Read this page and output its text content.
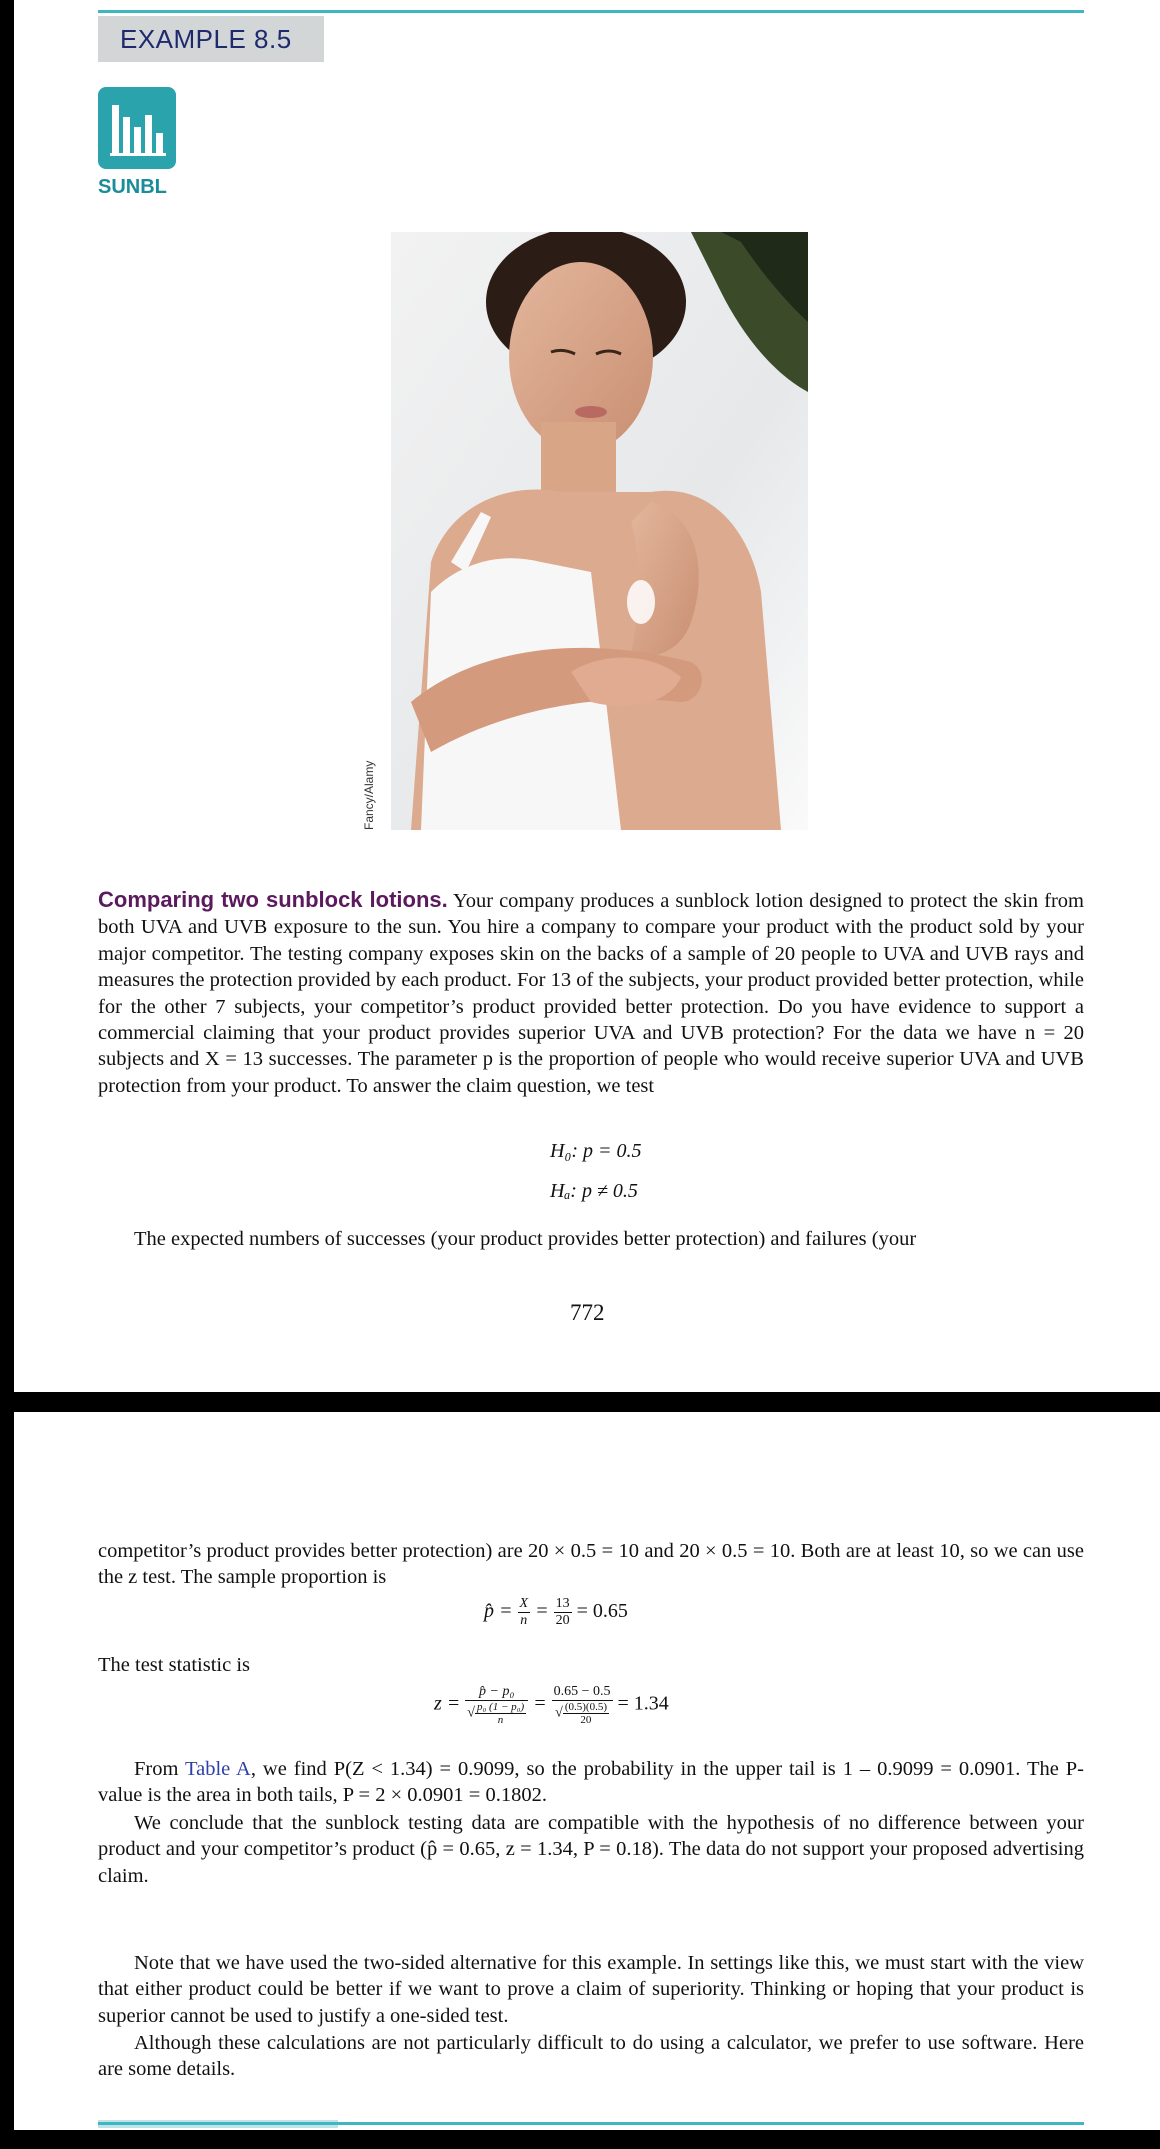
EXAMPLE 8.5
SUNBL
Fancy/Alamy

Comparing two sunblock lotions. Your company produces a sunblock lotion designed to protect the skin from both UVA and UVB exposure to the sun. You hire a company to compare your product with the product sold by your major competitor. The testing company exposes skin on the backs of a sample of 20 people to UVA and UVB rays and measures the protection provided by each product. For 13 of the subjects, your product provided better protection, while for the other 7 subjects, your competitor’s product provided better protection. Do you have evidence to support a commercial claiming that your product provides superior UVA and UVB protection? For the data we have n = 20 subjects and X = 13 successes. The parameter p is the proportion of people who would receive superior UVA and UVB protection from your product. To answer the claim question, we test

H₀: p = 0.5
Hₐ: p ≠ 0.5

The expected numbers of successes (your product provides better protection) and failures (your

772

competitor’s product provides better protection) are 20 × 0.5 = 10 and 20 × 0.5 = 10. Both are at least 10, so we can use the z test. The sample proportion is

p̂ = $\frac{X}{n} = \frac{13}{20} = 0.65$

The test statistic is

$z = \frac{\text{p̂ − p₀}}{√ \frac{\text{p₀ (1 − p₀)}}{n}} = \frac{0.65 - 0.5}{√ \frac{(0.5)(0.5)}{20}} = 1.34$

From Table A, we find P(Z < 1.34) = 0.9099, so the probability in the upper tail is 1 – 0.9099 = 0.0901. The P-value is the area in both tails, P = 2 × 0.0901 = 0.1802.

We conclude that the sunblock testing data are compatible with the hypothesis of no difference between your product and your competitor’s product (p̂ = 0.65, z = 1.34, P = 0.18). The data do not support your proposed advertising claim.

Note that we have used the two-sided alternative for this example. In settings like this, we must start with the view that either product could be better if we want to prove a claim of superiority. Thinking or hoping that your product is superior cannot be used to justify a one-sided test.

Although these calculations are not particularly difficult to do using a calculator, we prefer to use software. Here are some details.
